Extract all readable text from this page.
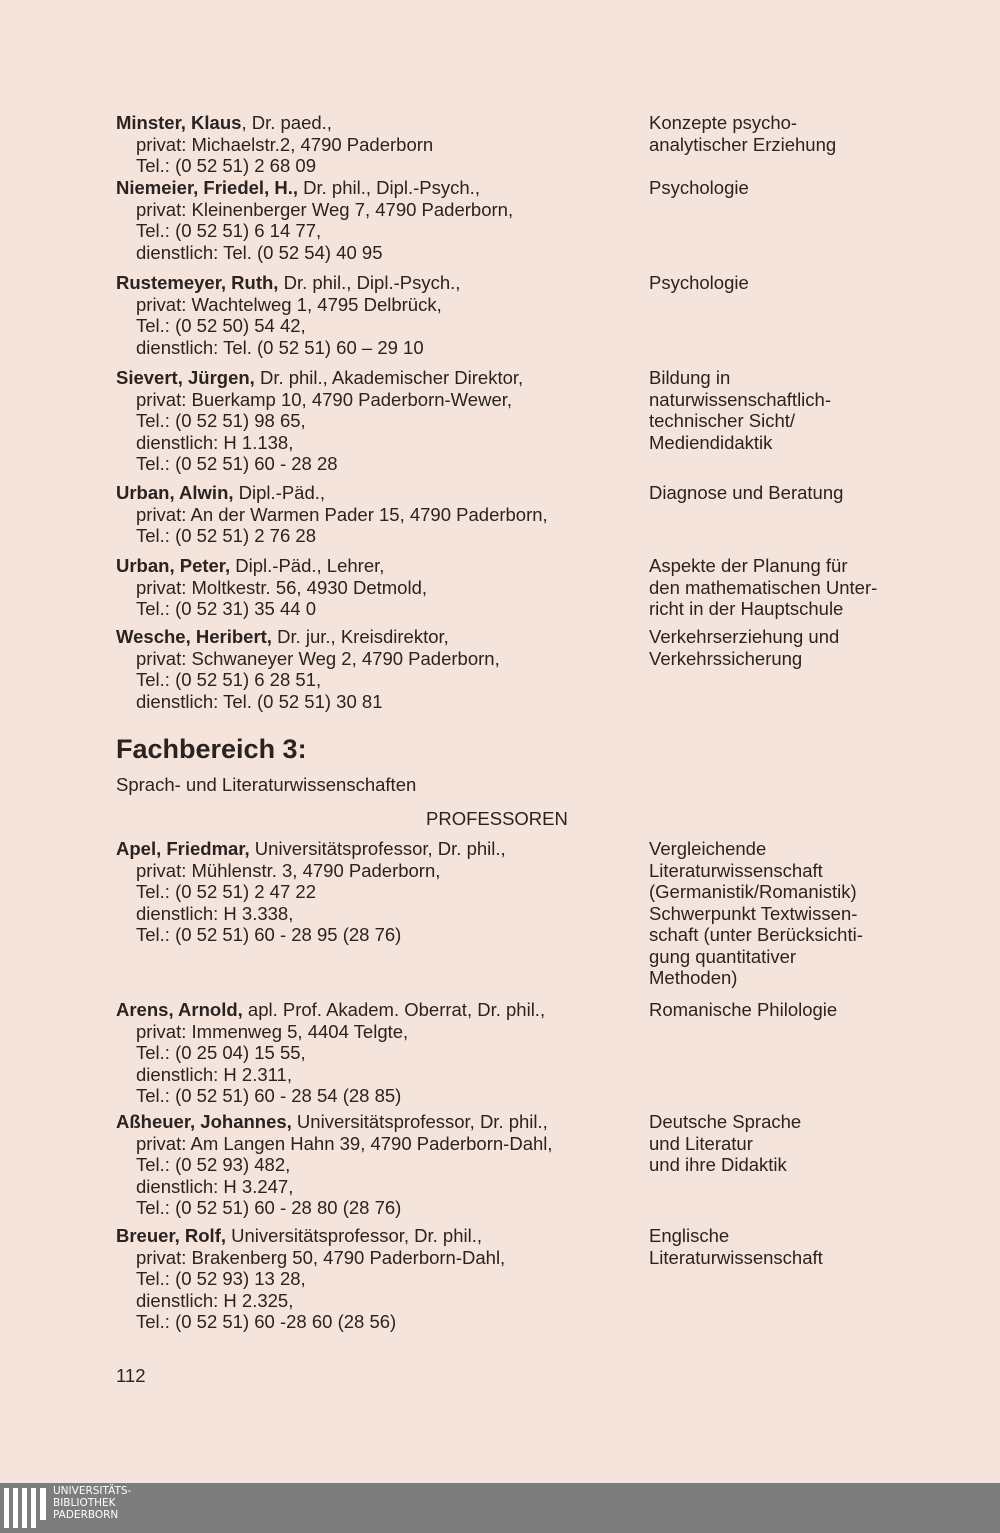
Minster, Klaus, Dr. paed.,
privat: Michaelstr.2, 4790 Paderborn
Tel.: (0 52 51) 2 68 09
Konzepte psycho-
analytischer Erziehung
Niemeier, Friedel, H., Dr. phil., Dipl.-Psych.,
privat: Kleinenberger Weg 7, 4790 Paderborn,
Tel.: (0 52 51) 6 14 77,
dienstlich: Tel. (0 52 54) 40 95
Psychologie
Rustemeyer, Ruth, Dr. phil., Dipl.-Psych.,
privat: Wachtelweg 1, 4795 Delbrück,
Tel.: (0 52 50) 54 42,
dienstlich: Tel. (0 52 51) 60 – 29 10
Psychologie
Sievert, Jürgen, Dr. phil., Akademischer Direktor,
privat: Buerkamp 10, 4790 Paderborn-Wewer,
Tel.: (0 52 51) 98 65,
dienstlich: H 1.138,
Tel.: (0 52 51) 60 - 28 28
Bildung in
naturwissenschaftlich-
technischer Sicht/
Mediendidaktik
Urban, Alwin, Dipl.-Päd.,
privat: An der Warmen Pader 15, 4790 Paderborn,
Tel.: (0 52 51) 2 76 28
Diagnose und Beratung
Urban, Peter, Dipl.-Päd., Lehrer,
privat: Moltkestr. 56, 4930 Detmold,
Tel.: (0 52 31) 35 44 0
Aspekte der Planung für
den mathematischen Unter-
richt in der Hauptschule
Wesche, Heribert, Dr. jur., Kreisdirektor,
privat: Schwaneyer Weg 2, 4790 Paderborn,
Tel.: (0 52 51) 6 28 51,
dienstlich: Tel. (0 52 51) 30 81
Verkehrserziehung und
Verkehrssicherung
Fachbereich 3:
Sprach- und Literaturwissenschaften
PROFESSOREN
Apel, Friedmar, Universitätsprofessor, Dr. phil.,
privat: Mühlenstr. 3, 4790 Paderborn,
Tel.: (0 52 51) 2 47 22
dienstlich: H 3.338,
Tel.: (0 52 51) 60 - 28 95 (28 76)
Vergleichende
Literaturwissenschaft
(Germanistik/Romanistik)
Schwerpunkt Textwissen-
schaft (unter Berücksichti-
gung quantitativer
Methoden)
Arens, Arnold, apl. Prof. Akadem. Oberrat, Dr. phil.,
privat: Immenweg 5, 4404 Telgte,
Tel.: (0 25 04) 15 55,
dienstlich: H 2.311,
Tel.: (0 52 51) 60 - 28 54 (28 85)
Romanische Philologie
Aßheuer, Johannes, Universitätsprofessor, Dr. phil.,
privat: Am Langen Hahn 39, 4790 Paderborn-Dahl,
Tel.: (0 52 93) 482,
dienstlich: H 3.247,
Tel.: (0 52 51) 60 - 28 80 (28 76)
Deutsche Sprache
und Literatur
und ihre Didaktik
Breuer, Rolf, Universitätsprofessor, Dr. phil.,
privat: Brakenberg 50, 4790 Paderborn-Dahl,
Tel.: (0 52 93) 13 28,
dienstlich: H 2.325,
Tel.: (0 52 51) 60 -28 60 (28 56)
Englische
Literaturwissenschaft
112
UNIVERSITÄTS-
BIBLIOTHEK
PADERBORN
